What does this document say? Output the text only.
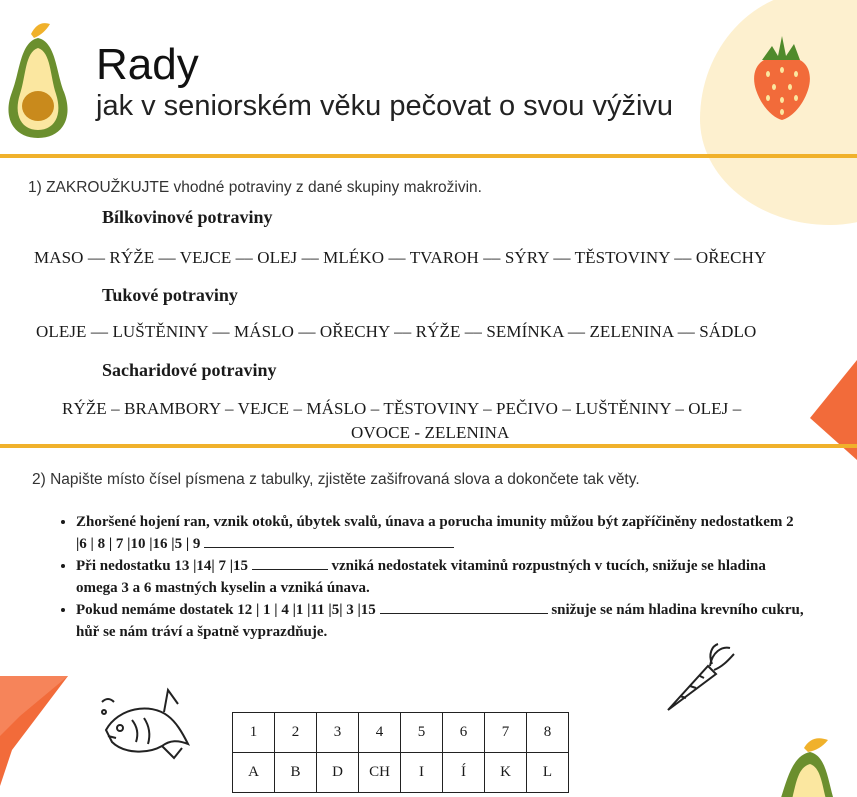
Rady
jak v seniorském věku pečovat o svou výživu
1) ZAKROUŽKUJTE vhodné potraviny z dané skupiny makroživin.
Bílkovinové potraviny
MASO –– RÝŽE –– VEJCE –– OLEJ –– MLÉKO –– TVAROH –– SÝRY –– TĚSTOVINY –– OŘECHY
Tukové potraviny
OLEJE –– LUŠTĚNINY –– MÁSLO –– OŘECHY –– RÝŽE –– SEMÍNKA –– ZELENINA –– SÁDLO
Sacharidové potraviny
RÝŽE – BRAMBORY – VEJCE – MÁSLO – TĚSTOVINY – PEČIVO – LUŠTĚNINY – OLEJ –
OVOCE - ZELENINA
2) Napište místo čísel písmena z tabulky, zjistěte zašifrovaná slova a dokončete tak věty.
• Zhoršené hojení ran, vznik otoků, úbytek svalů, únava a porucha imunity můžou být zapříčiněny nedostatkem 2 |6 | 8 | 7 |10 |16 |5 | 9
• Při nedostatku 13 |14| 7 |15	vzniká nedostatek vitaminů rozpustných v tucích, snižuje se hladina omega 3 a 6 mastných kyselin a vzniká únava.
• Pokud nemáme dostatek 12 | 1 | 4 |1 |11 |5| 3 |15	snižuje se nám hladina krevního cukru, hůř se nám tráví a špatně vyprazdňuje.
1	2	3	4	5	6	7	8
A	B	D	CH	I	Í	K	L
